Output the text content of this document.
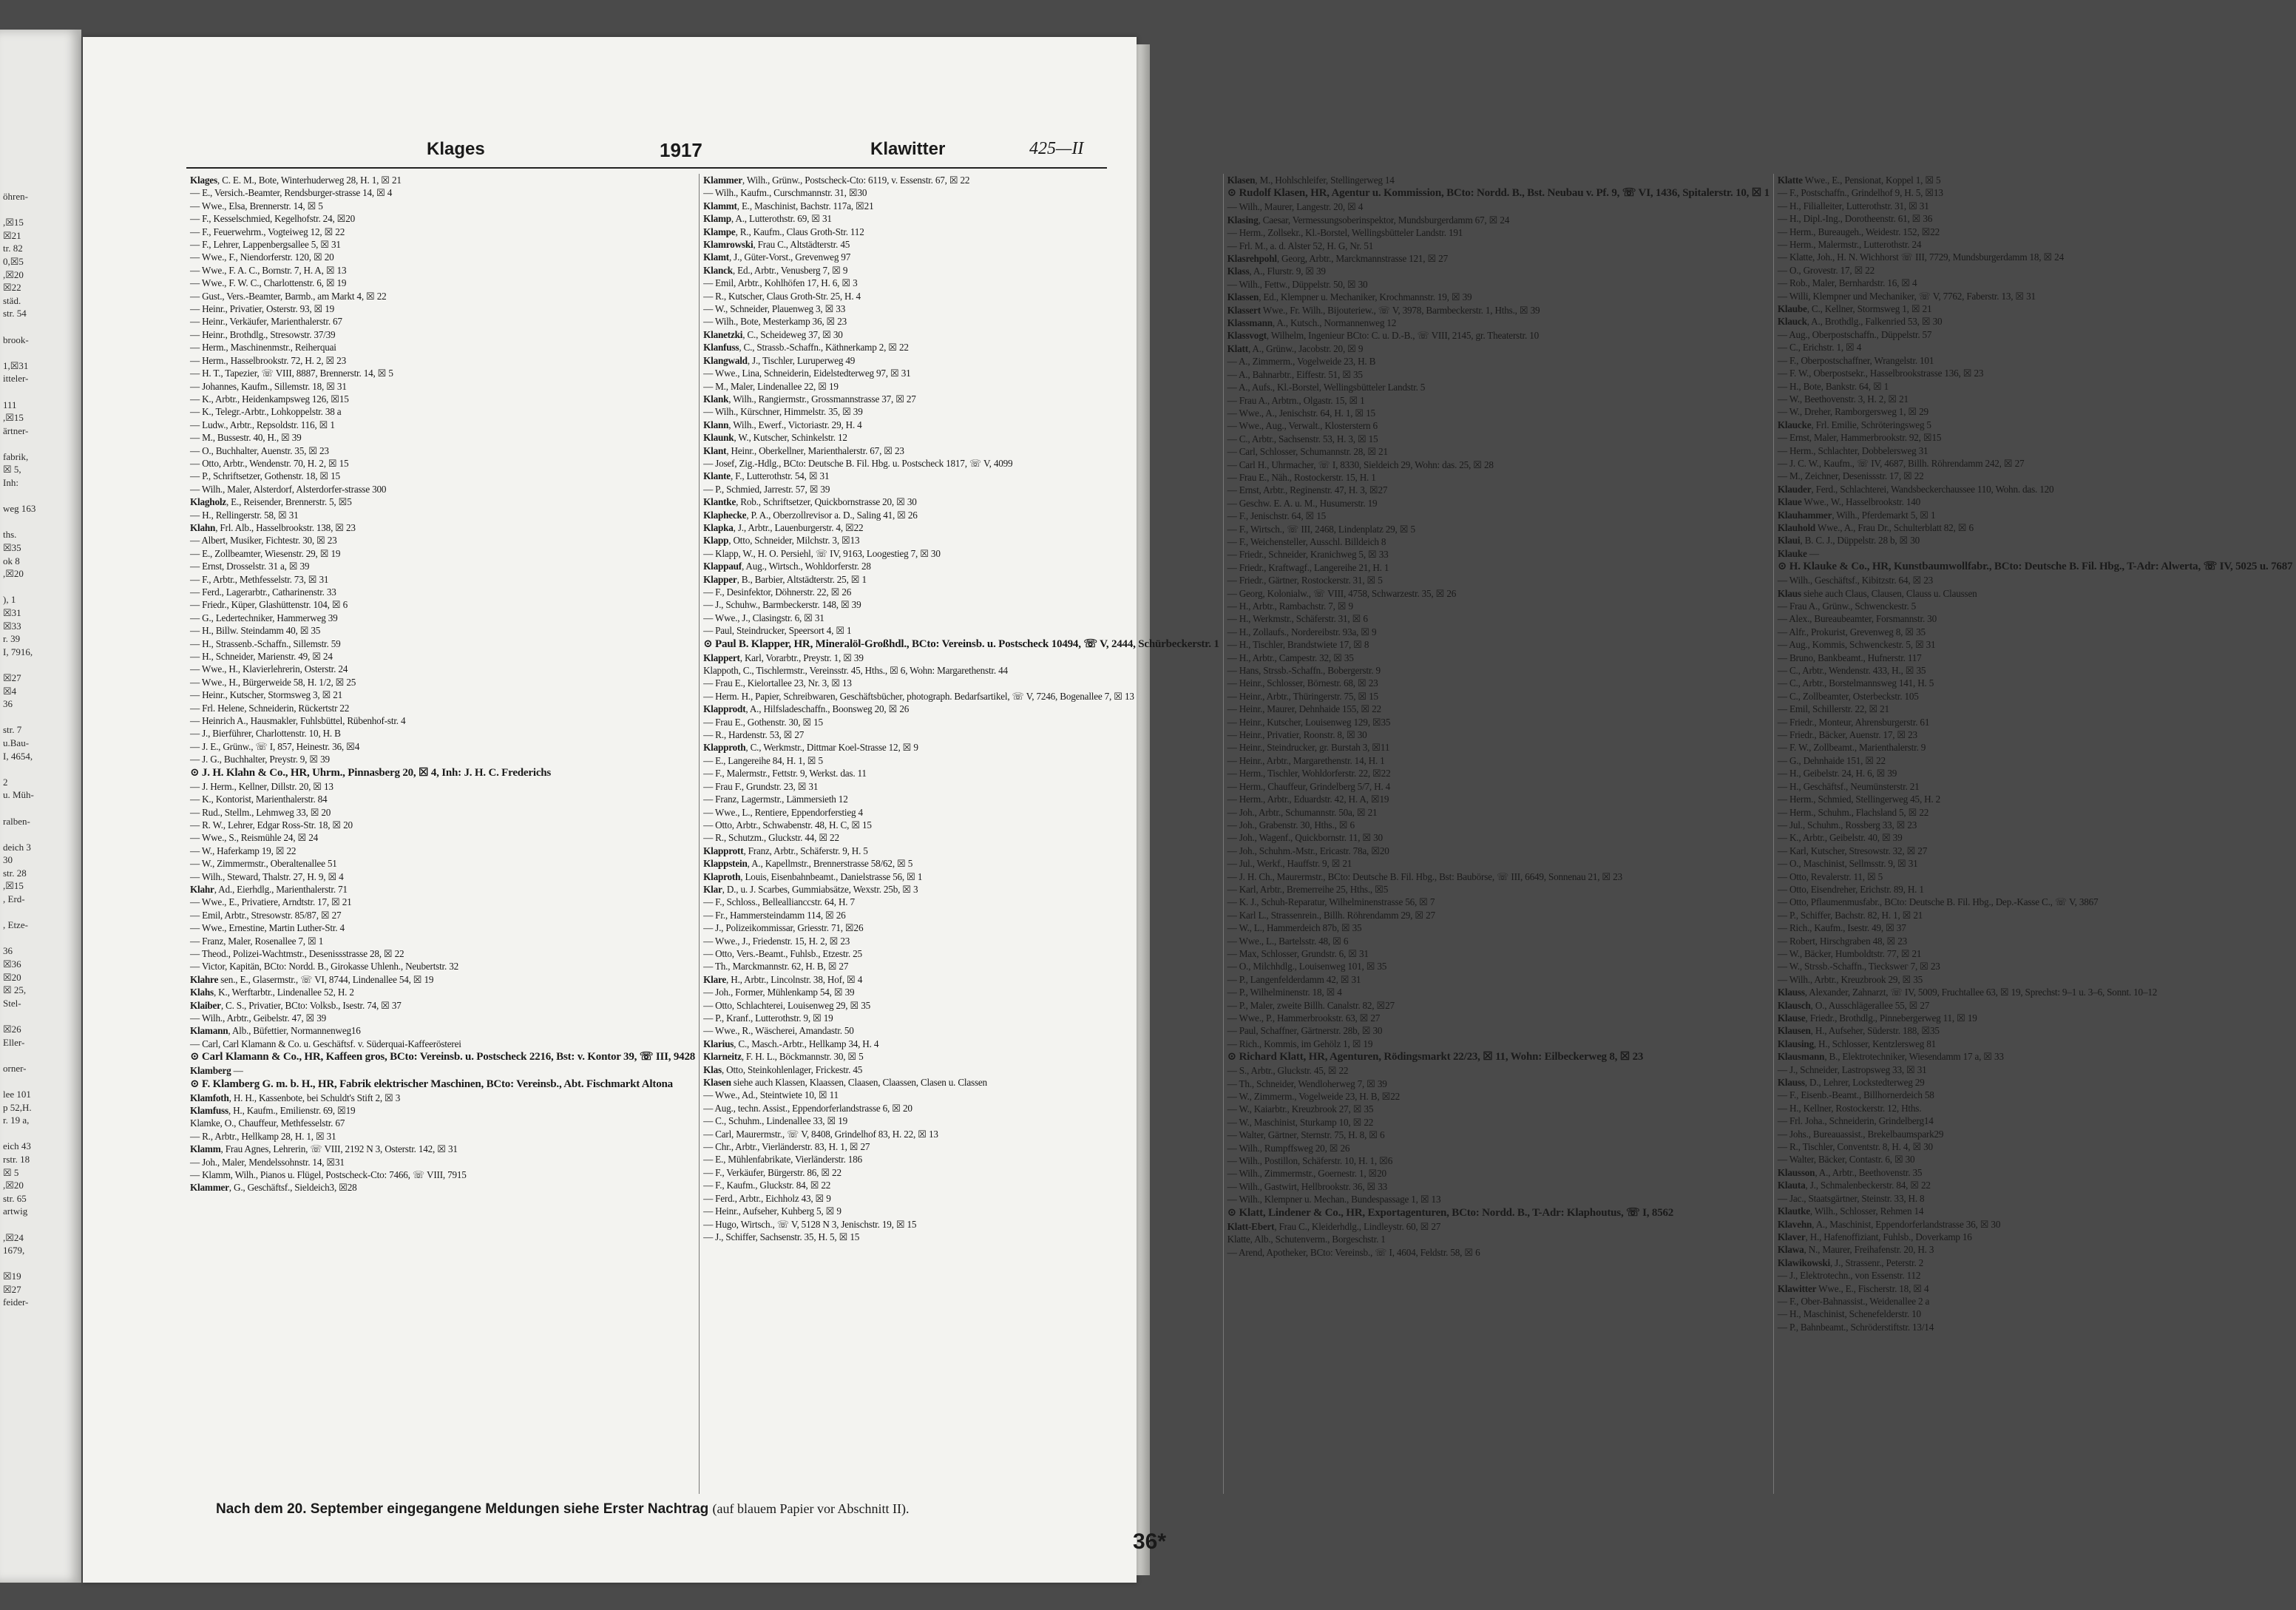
öhren-

,☒15
☒21
tr. 82
0,☒5
,☒20
☒22
städ.
str. 54

brook-

1,☒31
itteler-

111
,☒15
ärtner-

fabrik,
☒ 5,
Inh:

weg 163

ths.
☒35
ok 8
,☒20

), 1
☒31
☒33
r. 39
I, 7916,

☒27
☒4
36

str. 7
u.Bau-
I, 4654,

2
u. Müh-

ralben-

deich 3
30
str. 28
,☒15
, Erd-

, Etze-

36
☒36
☒20
☒ 25,
Stel-

☒26
Eller-

orner-

lee 101
p 52,H.
r. 19 a,

eich 43
rstr. 18
☒ 5
,☒20
str. 65
artwig

,☒24
1679,

☒19
☒27
feider-
Klages	1917	Klawitter	425—II
Klages, C. E. M., Bote, Winterhuderweg 28, H. 1, ☒ 21
— E., Versich.-Beamter, Rendsburger-strasse 14, ☒ 4
— Wwe., Elsa, Brennerstr. 14, ☒ 5
— F., Kesselschmied, Kegelhofstr. 24, ☒20
— F., Feuerwehrm., Vogteiweg 12, ☒ 22
— F., Lehrer, Lappenbergsallee 5, ☒ 31
— Wwe., F., Niendorferstr. 120, ☒ 20
— Wwe., F. A. C., Bornstr. 7, H. A, ☒ 13
— Wwe., F. W. C., Charlottenstr. 6, ☒ 19
— Gust., Vers.-Beamter, Barmb., am Markt 4, ☒ 22
— Heinr., Privatier, Osterstr. 93, ☒ 19
— Heinr., Verkäufer, Marienthalerstr. 67
— Heinr., Brothdlg., Stresowstr. 37/39
— Herm., Maschinenmstr., Reiherquai
— Herm., Hasselbrookstr. 72, H. 2, ☒ 23
— H. T., Tapezier, ☏ VIII, 8887, Brennerstr. 14, ☒ 5
— Johannes, Kaufm., Sillemstr. 18, ☒ 31
— K., Arbtr., Heidenkampsweg 126, ☒15
— K., Telegr.-Arbtr., Lohkoppelstr. 38 a
— Ludw., Arbtr., Repsoldstr. 116, ☒ 1
— M., Bussestr. 40, H., ☒ 39
— O., Buchhalter, Auenstr. 35, ☒ 23
— Otto, Arbtr., Wendenstr. 70, H. 2, ☒ 15
— P., Schriftsetzer, Gothenstr. 18, ☒ 15
— Wilh., Maler, Alsterdorf, Alsterdorfer-strasse 300
Klagholz, E., Reisender, Brennerstr. 5, ☒5
— H., Rellingerstr. 58, ☒ 31
Klahn, Frl. Alb., Hasselbrookstr. 138, ☒ 23
— Albert, Musiker, Fichtestr. 30, ☒ 23
— E., Zollbeamter, Wiesenstr. 29, ☒ 19
— Ernst, Drosselstr. 31 a, ☒ 39
— F., Arbtr., Methfesselstr. 73, ☒ 31
— Ferd., Lagerarbtr., Catharinenstr. 33
— Friedr., Küper, Glashüttenstr. 104, ☒ 6
— G., Ledertechniker, Hammerweg 39
— H., Billw. Steindamm 40, ☒ 35
— H., Strassenb.-Schaffn., Sillemstr. 59
— H., Schneider, Marienstr. 49, ☒ 24
— Wwe., H., Klavierlehrerin, Osterstr. 24
— Wwe., H., Bürgerweide 58, H. 1/2, ☒ 25
— Heinr., Kutscher, Stormsweg 3, ☒ 21
— Frl. Helene, Schneiderin, Rückertstr 22
— Heinrich A., Hausmakler, Fuhlsbüttel, Rübenhof-str. 4
— J., Bierführer, Charlottenstr. 10, H. B
— J. E., Grünw., ☏ I, 857, Heinestr. 36, ☒4
— J. G., Buchhalter, Preystr. 9, ☒ 39
⊙ J. H. Klahn & Co., HR, Uhrm., Pinnasberg 20, ☒ 4, Inh: J. H. C. Frederichs
— J. Herm., Kellner, Dillstr. 20, ☒ 13
— K., Kontorist, Marienthalerstr. 84
— Rud., Stellm., Lehmweg 33, ☒ 20
— R. W., Lehrer, Edgar Ross-Str. 18, ☒ 20
— Wwe., S., Reismühle 24, ☒ 24
— W., Haferkamp 19, ☒ 22
— W., Zimmermstr., Oberaltenallee 51
— Wilh., Steward, Thalstr. 27, H. 9, ☒ 4
Klahr, Ad., Eierhdlg., Marienthalerstr. 71
— Wwe., E., Privatiere, Arndtstr. 17, ☒ 21
— Emil, Arbtr., Stresowstr. 85/87, ☒ 27
— Wwe., Ernestine, Martin Luther-Str. 4
— Franz, Maler, Rosenallee 7, ☒ 1
— Theod., Polizei-Wachtmstr., Desenissstrasse 28, ☒ 22
— Victor, Kapitän, BCto: Nordd. B., Girokasse Uhlenh., Neubertstr. 32
Klahre sen., E., Glasermstr., ☏ VI, 8744, Lindenallee 54, ☒ 19
Klahs, K., Werftarbtr., Lindenallee 52, H. 2
Klaiber, C. S., Privatier, BCto: Volksb., Isestr. 74, ☒ 37
— Wilh., Arbtr., Geibelstr. 47, ☒ 39
Klamann, Alb., Büfettier, Normannenweg16
— Carl, Carl Klamann & Co. u. Geschäftsf. v. Süderquai-Kaffeerösterei
⊙ Carl Klamann & Co., HR, Kaffeen gros, BCto: Vereinsb. u. Postscheck 2216, Bst: v. Kontor 39, ☏ III, 9428
Klamberg —
⊙ F. Klamberg G. m. b. H., HR, Fabrik elektrischer Maschinen, BCto: Vereinsb., Abt. Fischmarkt Altona
Klamfoth, H. H., Kassenbote, bei Schuldt's Stift 2, ☒ 3
Klamfuss, H., Kaufm., Emilienstr. 69, ☒19
Klamke, O., Chauffeur, Methfesselstr. 67
— R., Arbtr., Hellkamp 28, H. 1, ☒ 31
Klamm, Frau Agnes, Lehrerin, ☏ VIII, 2192 N 3, Osterstr. 142, ☒ 31
— Joh., Maler, Mendelssohnstr. 14, ☒31
— Klamm, Wilh., Pianos u. Flügel, Postscheck-Cto: 7466, ☏ VIII, 7915
Klammer, G., Geschäftsf., Sieldeich3, ☒28
Klammer, Wilh., Grünw., Postscheck-Cto: 6119, v. Essenstr. 67, ☒ 22
— Wilh., Kaufm., Curschmannstr. 31, ☒30
Klammt, E., Maschinist, Bachstr. 117a, ☒21
Klamp, A., Lutterothstr. 69, ☒ 31
Klampe, R., Kaufm., Claus Groth-Str. 112
Klamrowski, Frau C., Altstädterstr. 45
Klamt, J., Güter-Vorst., Grevenweg 97
Klanck, Ed., Arbtr., Venusberg 7, ☒ 9
— Emil, Arbtr., Kohlhöfen 17, H. 6, ☒ 3
— R., Kutscher, Claus Groth-Str. 25, H. 4
— W., Schneider, Plauenweg 3, ☒ 33
— Wilh., Bote, Mesterkamp 36, ☒ 23
Klanetzki, C., Scheideweg 37, ☒ 30
Klanfuss, C., Strassb.-Schaffn., Käthnerkamp 2, ☒ 22
Klangwald, J., Tischler, Luruperweg 49
— Wwe., Lina, Schneiderin, Eidelstedterweg 97, ☒ 31
— M., Maler, Lindenallee 22, ☒ 19
Klank, Wilh., Rangiermstr., Grossmannstrasse 37, ☒ 27
— Wilh., Kürschner, Himmelstr. 35, ☒ 39
Klann, Wilh., Ewerf., Victoriastr. 29, H. 4
Klaunk, W., Kutscher, Schinkelstr. 12
Klant, Heinr., Oberkellner, Marienthalerstr. 67, ☒ 23
— Josef, Zig.-Hdlg., BCto: Deutsche B. Fil. Hbg. u. Postscheck 1817, ☏ V, 4099
Klante, F., Lutterothstr. 54, ☒ 31
— P., Schmied, Jarrestr. 57, ☒ 39
Klantke, Rob., Schriftsetzer, Quickbornstrasse 20, ☒ 30
Klaphecke, P. A., Oberzollrevisor a. D., Saling 41, ☒ 26
Klapka, J., Arbtr., Lauenburgerstr. 4, ☒22
Klapp, Otto, Schneider, Milchstr. 3, ☒13
— Klapp, W., H. O. Persiehl, ☏ IV, 9163, Loogestieg 7, ☒ 30
Klappauf, Aug., Wirtsch., Wohldorferstr. 28
Klapper, B., Barbier, Altstädterstr. 25, ☒ 1
— F., Desinfektor, Döhnerstr. 22, ☒ 26
— J., Schuhw., Barmbeckerstr. 148, ☒ 39
— Wwe., J., Clasingstr. 6, ☒ 31
— Paul, Steindrucker, Speersort 4, ☒ 1
⊙ Paul B. Klapper, HR, Mineralöl-Großhdl., BCto: Vereinsb. u. Postscheck 10494, ☏ V, 2444, Schürbeckerstr. 1
Klappert, Karl, Vorarbtr., Preystr. 1, ☒ 39
Klappoth, C., Tischlermstr., Vereinsstr. 45, Hths., ☒ 6, Wohn: Margarethenstr. 44
— Frau E., Kielortallee 23, Nr. 3, ☒ 13
— Herm. H., Papier, Schreibwaren, Geschäftsbücher, photograph. Bedarfsartikel, ☏ V, 7246, Bogenallee 7, ☒ 13
Klapprodt, A., Hilfsladeschaffn., Boonsweg 20, ☒ 26
— Frau E., Gothenstr. 30, ☒ 15
— R., Hardenstr. 53, ☒ 27
Klapproth, C., Werkmstr., Dittmar Koel-Strasse 12, ☒ 9
— E., Langereihe 84, H. 1, ☒ 5
— F., Malermstr., Fettstr. 9, Werkst. das. 11
— Frau F., Grundstr. 23, ☒ 31
— Franz, Lagermstr., Lämmersieth 12
— Wwe., L., Rentiere, Eppendorferstieg 4
— Otto, Arbtr., Schwabenstr. 48, H. C, ☒ 15
— R., Schutzm., Gluckstr. 44, ☒ 22
Klapprott, Franz, Arbtr., Schäferstr. 9, H. 5
Klappstein, A., Kapellmstr., Brennerstrasse 58/62, ☒ 5
Klaproth, Louis, Eisenbahnbeamt., Danielstrasse 56, ☒ 1
Klar, D., u. J. Scarbes, Gummiabsätze, Wexstr. 25b, ☒ 3
— F., Schloss., Belleallianccstr. 64, H. 7
— Fr., Hammersteindamm 114, ☒ 26
— J., Polizeikommissar, Griesstr. 71, ☒26
— Wwe., J., Friedenstr. 15, H. 2, ☒ 23
— Otto, Vers.-Beamt., Fuhlsb., Etzestr. 25
— Th., Marckmannstr. 62, H. B, ☒ 27
Klare, H., Arbtr., Lincolnstr. 38, Hof, ☒ 4
— Joh., Former, Mühlenkamp 54, ☒ 39
— Otto, Schlachterei, Louisenweg 29, ☒ 35
— P., Kranf., Lutterothstr. 9, ☒ 19
— Wwe., R., Wäscherei, Amandastr. 50
Klarius, C., Masch.-Arbtr., Hellkamp 34, H. 4
Klarneitz, F. H. L., Böckmannstr. 30, ☒ 5
Klas, Otto, Steinkohlenlager, Frickestr. 45
Klasen siehe auch Klassen, Klaassen, Claasen, Claassen, Clasen u. Classen
— Wwe., Ad., Steintwiete 10, ☒ 11
— Aug., techn. Assist., Eppendorferlandstrasse 6, ☒ 20
— C., Schuhm., Lindenallee 33, ☒ 19
— Carl, Maurermstr., ☏ V, 8408, Grindelhof 83, H. 22, ☒ 13
— Chr., Arbtr., Vierländerstr. 83, H. 1, ☒ 27
— E., Mühlenfabrikate, Vierländerstr. 186
— F., Verkäufer, Bürgerstr. 86, ☒ 22
— F., Kaufm., Gluckstr. 84, ☒ 22
— Ferd., Arbtr., Eichholz 43, ☒ 9
— Heinr., Aufseher, Kuhberg 5, ☒ 9
— Hugo, Wirtsch., ☏ V, 5128 N 3, Jenischstr. 19, ☒ 15
— J., Schiffer, Sachsenstr. 35, H. 5, ☒ 15
Klasen, M., Hohlschleifer, Stellingerweg 14
⊙ Rudolf Klasen, HR, Agentur u. Kommission, BCto: Nordd. B., Bst. Neubau v. Pf. 9, ☏ VI, 1436, Spitalerstr. 10, ☒ 1
— Wilh., Maurer, Langestr. 20, ☒ 4
Klasing, Caesar, Vermessungsoberinspektor, Mundsburgerdamm 67, ☒ 24
— Herm., Zollsekr., Kl.-Borstel, Wellingsbütteler Landstr. 191
— Frl. M., a. d. Alster 52, H. G, Nr. 51
Klasrehpohl, Georg, Arbtr., Marckmannstrasse 121, ☒ 27
Klass, A., Flurstr. 9, ☒ 39
— Wilh., Fettw., Düppelstr. 50, ☒ 30
Klassen, Ed., Klempner u. Mechaniker, Krochmannstr. 19, ☒ 39
Klassert Wwe., Fr. Wilh., Bijouteriew., ☏ V, 3978, Barmbeckerstr. 1, Hths., ☒ 39
Klassmann, A., Kutsch., Normannenweg 12
Klassvogt, Wilhelm, Ingenieur BCto: C. u. D.-B., ☏ VIII, 2145, gr. Theaterstr. 10
Klatt, A., Grünw., Jacobstr. 20, ☒ 9
— A., Zimmerm., Vogelweide 23, H. B
— A., Bahnarbtr., Eiffestr. 51, ☒ 35
— A., Aufs., Kl.-Borstel, Wellingsbütteler Landstr. 5
— Frau A., Arbtrn., Olgastr. 15, ☒ 1
— Wwe., A., Jenischstr. 64, H. 1, ☒ 15
— Wwe., Aug., Verwalt., Klosterstern 6
— C., Arbtr., Sachsenstr. 53, H. 3, ☒ 15
— Carl, Schlosser, Schumannstr. 28, ☒ 21
— Carl H., Uhrmacher, ☏ I, 8330, Sieldeich 29, Wohn: das. 25, ☒ 28
— Frau E., Näh., Rostockerstr. 15, H. 1
— Ernst, Arbtr., Reginenstr. 47, H. 3, ☒27
— Geschw. E. A. u. M., Husumerstr. 19
— F., Jenischstr. 64, ☒ 15
— F., Wirtsch., ☏ III, 2468, Lindenplatz 29, ☒ 5
— F., Weichensteller, Ausschl. Billdeich 8
— Friedr., Schneider, Kranichweg 5, ☒ 33
— Friedr., Kraftwagf., Langereihe 21, H. 1
— Friedr., Gärtner, Rostockerstr. 31, ☒ 5
— Georg, Kolonialw., ☏ VIII, 4758, Schwarzestr. 35, ☒ 26
— H., Arbtr., Rambachstr. 7, ☒ 9
— H., Werkmstr., Schäferstr. 31, ☒ 6
— H., Zollaufs., Nordereibstr. 93a, ☒ 9
— H., Tischler, Brandstwiete 17, ☒ 8
— H., Arbtr., Campestr. 32, ☒ 35
— Hans, Strssb.-Schaffn., Bobergerstr. 9
— Heinr., Schlosser, Börnestr. 68, ☒ 23
— Heinr., Arbtr., Thüringerstr. 75, ☒ 15
— Heinr., Maurer, Dehnhaide 155, ☒ 22
— Heinr., Kutscher, Louisenweg 129, ☒35
— Heinr., Privatier, Roonstr. 8, ☒ 30
— Heinr., Steindrucker, gr. Burstah 3, ☒11
— Heinr., Arbtr., Margarethenstr. 14, H. 1
— Herm., Tischler, Wohldorferstr. 22, ☒22
— Herm., Chauffeur, Grindelberg 5/7, H. 4
— Herm., Arbtr., Eduardstr. 42, H. A, ☒19
— Joh., Arbtr., Schumannstr. 50a, ☒ 21
— Joh., Grabenstr. 30, Hths., ☒ 6
— Joh., Wagenf., Quickbornstr. 11, ☒ 30
— Joh., Schuhm.-Mstr., Ericastr. 78a, ☒20
— Jul., Werkf., Hauffstr. 9, ☒ 21
— J. H. Ch., Maurermstr., BCto: Deutsche B. Fil. Hbg., Bst: Baubörse, ☏ III, 6649, Sonnenau 21, ☒ 23
— Karl, Arbtr., Bremerreihe 25, Hths., ☒5
— K. J., Schuh-Reparatur, Wilhelminenstrasse 56, ☒ 7
— Karl L., Strassenrein., Billh. Röhrendamm 29, ☒ 27
— W., L., Hammerdeich 87b, ☒ 35
— Wwe., L., Bartelsstr. 48, ☒ 6
— Max, Schlosser, Grundstr. 6, ☒ 31
— O., Milchhdlg., Louisenweg 101, ☒ 35
— P., Langenfelderdamm 42, ☒ 31
— P., Wilhelminenstr. 18, ☒ 4
— P., Maler, zweite Billh. Canalstr. 82, ☒27
— Wwe., P., Hammerbrookstr. 63, ☒ 27
— Paul, Schaffner, Gärtnerstr. 28b, ☒ 30
— Rich., Kommis, im Gehölz 1, ☒ 19
⊙ Richard Klatt, HR, Agenturen, Rödingsmarkt 22/23, ☒ 11, Wohn: Eilbeckerweg 8, ☒ 23
— S., Arbtr., Gluckstr. 45, ☒ 22
— Th., Schneider, Wendloherweg 7, ☒ 39
— W., Zimmerm., Vogelweide 23, H. B, ☒22
— W., Kaiarbtr., Kreuzbrook 27, ☒ 35
— W., Maschinist, Sturkamp 10, ☒ 22
— Walter, Gärtner, Sternstr. 75, H. 8, ☒ 6
— Wilh., Rumpffsweg 20, ☒ 26
— Wilh., Postillon, Schäferstr. 10, H. 1, ☒6
— Wilh., Zimmermstr., Goernestr. 1, ☒20
— Wilh., Gastwirt, Hellbrookstr. 36, ☒ 33
— Wilh., Klempner u. Mechan., Bundespassage 1, ☒ 13
⊙ Klatt, Lindener & Co., HR, Exportagenturen, BCto: Nordd. B., T-Adr: Klaphoutus, ☏ I, 8562
Klatt-Ebert, Frau C., Kleiderhdlg., Lindleystr. 60, ☒ 27
Klatte, Alb., Schutenverm., Borgeschstr. 1
— Arend, Apotheker, BCto: Vereinsb., ☏ I, 4604, Feldstr. 58, ☒ 6
Klatte Wwe., E., Pensionat, Koppel 1, ☒ 5
— F., Postschaffn., Grindelhof 9, H. 5, ☒13
— H., Filialleiter, Lutterothstr. 31, ☒ 31
— H., Dipl.-Ing., Dorotheenstr. 61, ☒ 36
— Herm., Bureaugeh., Weidestr. 152, ☒22
— Herm., Malermstr., Lutterothstr. 24
— Klatte, Joh., H. N. Wichhorst ☏ III, 7729, Mundsburgerdamm 18, ☒ 24
— O., Grovestr. 17, ☒ 22
— Rob., Maler, Bernhardstr. 16, ☒ 4
— Willi, Klempner und Mechaniker, ☏ V, 7762, Faberstr. 13, ☒ 31
Klaube, C., Kellner, Stormsweg 1, ☒ 21
Klauck, A., Brothdlg., Falkenried 53, ☒ 30
— Aug., Oberpostschaffn., Düppelstr. 57
— C., Erichstr. 1, ☒ 4
— F., Oberpostschaffner, Wrangelstr. 101
— F. W., Oberpostsekr., Hasselbrookstrasse 136, ☒ 23
— H., Bote, Bankstr. 64, ☒ 1
— W., Beethovenstr. 3, H. 2, ☒ 21
— W., Dreher, Ramborgersweg 1, ☒ 29
Klaucke, Frl. Emilie, Schröteringsweg 5
— Ernst, Maler, Hammerbrookstr. 92, ☒15
— Herm., Schlachter, Dobbelersweg 31
— J. C. W., Kaufm., ☏ IV, 4687, Billh. Röhrendamm 242, ☒ 27
— M., Zeichner, Desenissstr. 17, ☒ 22
Klauder, Ferd., Schlachterei, Wandsbeckerchaussee 110, Wohn. das. 120
Klaue Wwe., W., Hasselbrookstr. 140
Klauhammer, Wilh., Pferdemarkt 5, ☒ 1
Klauhold Wwe., A., Frau Dr., Schulterblatt 82, ☒ 6
Klaui, B. C. J., Düppelstr. 28 b, ☒ 30
Klauke —
⊙ H. Klauke & Co., HR, Kunstbaumwollfabr., BCto: Deutsche B. Fil. Hbg., T-Adr: Alwerta, ☏ IV, 5025 u. 7687
— Wilh., Geschäftsf., Kibitzstr. 64, ☒ 23
Klaus siehe auch Claus, Clausen, Clauss u. Claussen
— Frau A., Grünw., Schwenckestr. 5
— Alex., Bureaubeamter, Forsmannstr. 30
— Alfr., Prokurist, Grevenweg 8, ☒ 35
— Aug., Kommis, Schwenckestr. 5, ☒ 31
— Bruno, Bankbeamt., Hufnerstr. 117
— C., Arbtr., Wendenstr. 433, H., ☒ 35
— C., Arbtr., Borstelmannsweg 141, H. 5
— C., Zollbeamter, Osterbeckstr. 105
— Emil, Schillerstr. 22, ☒ 21
— Friedr., Monteur, Ahrensburgerstr. 61
— Friedr., Bäcker, Auenstr. 17, ☒ 23
— F. W., Zollbeamt., Marienthalerstr. 9
— G., Dehnhaide 151, ☒ 22
— H., Geibelstr. 24, H. 6, ☒ 39
— H., Geschäftsf., Neumünsterstr. 21
— Herm., Schmied, Stellingerweg 45, H. 2
— Herm., Schuhm., Flachsland 5, ☒ 22
— Jul., Schuhm., Rossberg 33, ☒ 23
— K., Arbtr., Geibelstr. 40, ☒ 39
— Karl, Kutscher, Stresowstr. 32, ☒ 27
— O., Maschinist, Sellmsstr. 9, ☒ 31
— Otto, Revalerstr. 11, ☒ 5
— Otto, Eisendreher, Erichstr. 89, H. 1
— Otto, Pflaumenmusfabr., BCto: Deutsche B. Fil. Hbg., Dep.-Kasse C., ☏ V, 3867
— P., Schiffer, Bachstr. 82, H. 1, ☒ 21
— Rich., Kaufm., Isestr. 49, ☒ 37
— Robert, Hirschgraben 48, ☒ 23
— W., Bäcker, Humboldtstr. 77, ☒ 21
— W., Strssb.-Schaffn., Tieckswег 7, ☒ 23
— Wilh., Arbtr., Kreuzbrook 29, ☒ 35
Klauss, Alexander, Zahnarzt, ☏ IV, 5009, Fruchtallee 63, ☒ 19, Sprechst: 9–1 u. 3–6, Sonnt. 10–12
Klausch, O., Ausschlägerallee 55, ☒ 27
Klause, Friedr., Brothdlg., Pinnebergerweg 11, ☒ 19
Klausen, H., Aufseher, Süderstr. 188, ☒35
Klausing, H., Schlosser, Kentzlersweg 81
Klausmann, B., Elektrotechniker, Wiesendamm 17 a, ☒ 33
— J., Schneider, Lastropsweg 33, ☒ 31
Klauss, D., Lehrer, Lockstedterweg 29
— F., Eisenb.-Beamt., Billhornerdeich 58
— H., Kellner, Rostockerstr. 12, Hths.
— Frl. Joha., Schneiderin, Grindelberg14
— Johs., Bureauassist., Brekelbaumspark29
— R., Tischler, Conventstr. 8, H. 4, ☒ 30
— Walter, Bäcker, Contastr. 6, ☒ 30
Klausson, A., Arbtr., Beethovenstr. 35
Klauta, J., Schmalenbeckerstr. 84, ☒ 22
— Jac., Staatsgärtner, Steinstr. 33, H. 8
Klautke, Wilh., Schlosser, Rehmen 14
Klavehn, A., Maschinist, Eppendorferlandstrasse 36, ☒ 30
Klaver, H., Hafenoffiziant, Fuhlsb., Doverkamp 16
Klawa, N., Maurer, Freihafenstr. 20, H. 3
Klawikowski, J., Strassenr., Peterstr. 2
— J., Elektrotechn., von Essenstr. 112
Klawitter Wwe., E., Fischerstr. 18, ☒ 4
— F., Ober-Bahnassist., Weidenallee 2 a
— H., Maschinist, Schenefelderstr. 10
— P., Bahnbeamt., Schröderstiftstr. 13/14
Nach dem 20. September eingegangene Meldungen siehe Erster Nachtrag (auf blauem Papier vor Abschnitt II).
36*
